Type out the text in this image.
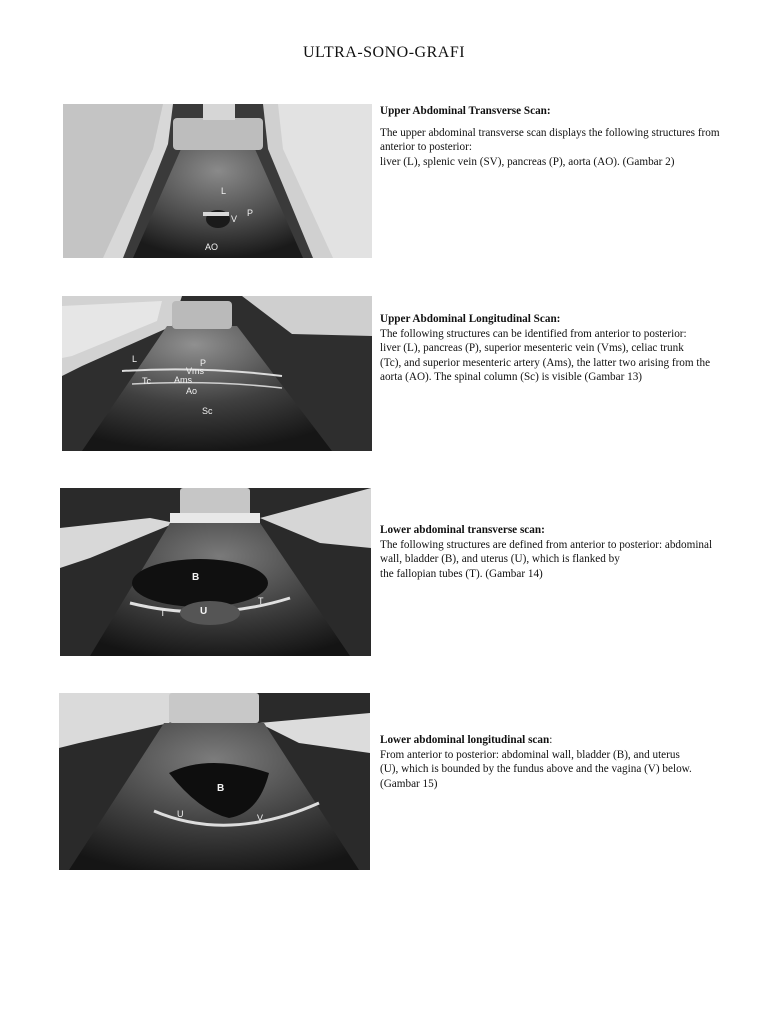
ULTRA-SONO-GRAFI
L
V
P
AO
Upper Abdominal Transverse Scan:

The upper abdominal transverse scan displays the following structures from anterior to posterior:

liver (L), splenic vein (SV), pancreas (P), aorta (AO). (Gambar 2)

L	P
Vms
Tc	Ams
Ao
Sc
Upper Abdominal Longitudinal Scan:

The following structures can be identified from anterior to posterior:

liver (L), pancreas (P), superior mesenteric vein (Vms), celiac trunk

(Tc), and superior mesenteric artery (Ams), the latter two arising from the aorta (AO). The spinal column (Sc) is visible (Gambar 13)

B
U
T
T
Lower abdominal transverse scan:

The following structures are defined from anterior to posterior: abdominal

wall, bladder (B), and uterus (U), which is flanked by

the fallopian tubes (T). (Gambar 14)

B
U	V
Lower abdominal longitudinal scan:

From anterior to posterior: abdominal wall, bladder (B), and uterus

(U), which is bounded by the fundus above and the vagina (V) below. (Gambar 15)
